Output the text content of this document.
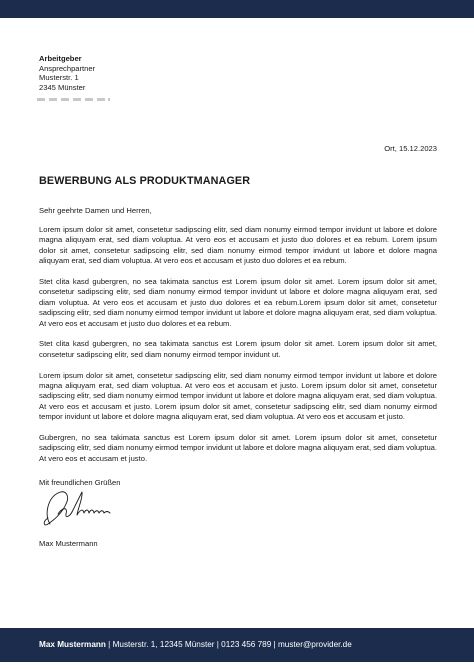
Arbeitgeber
Ansprechpartner
Musterstr. 1
2345 Münster
Ort, 15.12.2023
BEWERBUNG ALS PRODUKTMANAGER
Sehr geehrte Damen und Herren,

Lorem ipsum dolor sit amet, consetetur sadipscing elitr, sed diam nonumy eirmod tempor invidunt ut labore et dolore magna aliquyam erat, sed diam voluptua. At vero eos et accusam et justo duo dolores et ea rebum. Lorem ipsum dolor sit amet, consetetur sadipscing elitr, sed diam nonumy eirmod tempor invidunt ut labore et dolore magna aliquyam erat, sed diam voluptua. At vero eos et accusam et justo duo dolores et ea rebum.

Stet clita kasd gubergren, no sea takimata sanctus est Lorem ipsum dolor sit amet. Lorem ipsum dolor sit amet, consetetur sadipscing elitr, sed diam nonumy eirmod tempor invidunt ut labore et dolore magna aliquyam erat, sed diam voluptua. At vero eos et accusam et justo duo dolores et ea rebum.Lorem ipsum dolor sit amet, consetetur sadipscing elitr, sed diam nonumy eirmod tempor invidunt ut labore et dolore magna aliquyam erat, sed diam voluptua. At vero eos et accusam et justo duo dolores et ea rebum.

Stet clita kasd gubergren, no sea takimata sanctus est Lorem ipsum dolor sit amet. Lorem ipsum dolor sit amet, consetetur sadipscing elitr, sed diam nonumy eirmod tempor invidunt ut.

Lorem ipsum dolor sit amet, consetetur sadipscing elitr, sed diam nonumy eirmod tempor invidunt ut labore et dolore magna aliquyam erat, sed diam voluptua. At vero eos et accusam et justo. Lorem ipsum dolor sit amet, consetetur sadipscing elitr, sed diam nonumy eirmod tempor invidunt ut labore et dolore magna aliquyam erat, sed diam voluptua. At vero eos et accusam et justo. Lorem ipsum dolor sit amet, consetetur sadipscing elitr, sed diam nonumy eirmod tempor invidunt ut labore et dolore magna aliquyam erat, sed diam voluptua. At vero eos et accusam et justo.

Gubergren, no sea takimata sanctus est Lorem ipsum dolor sit amet. Lorem ipsum dolor sit amet, consetetur sadipscing elitr, sed diam nonumy eirmod tempor invidunt ut labore et dolore magna aliquyam erat, sed diam voluptua. At vero eos et accusam et justo.

Mit freundlichen Grüßen
Max Mustermann
Max Mustermann | Musterstr. 1, 12345 Münster | 0123 456 789 | muster@provider.de
